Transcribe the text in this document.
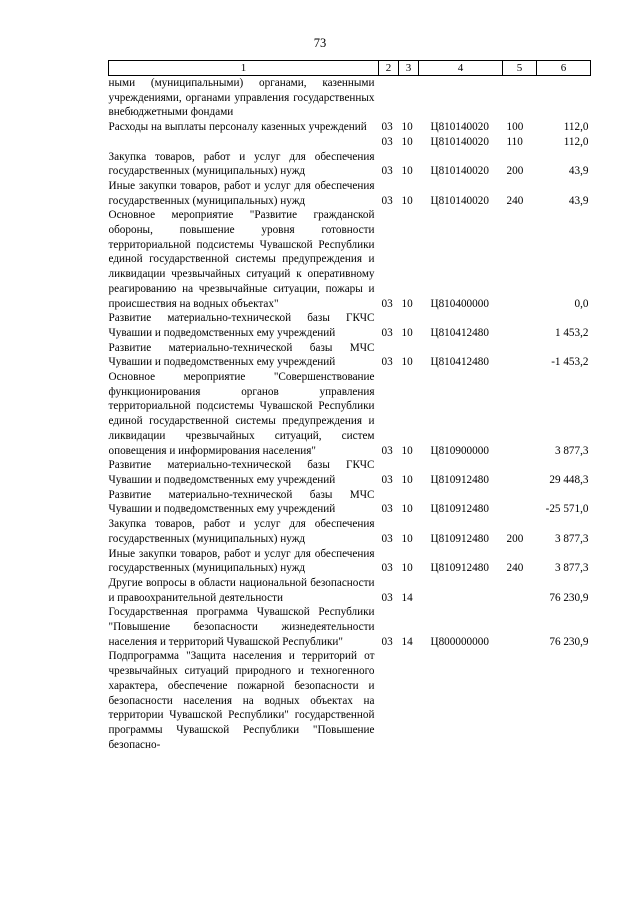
73
1	2	3	4	5	6
ными (муниципальными) органами, казенными учреждениями, органами управления государственных внебюджетными фондами					
Расходы на выплаты персоналу казенных учреждений	03	10	Ц810140020	100	112,0
	03	10	Ц810140020	110	112,0
Закупка товаров, работ и услуг для обеспечения государственных (муниципальных) нужд	03	10	Ц810140020	200	43,9
Иные закупки товаров, работ и услуг для обеспечения государственных (муниципальных) нужд	03	10	Ц810140020	240	43,9
Основное мероприятие "Развитие гражданской обороны, повышение уровня готовности территориальной подсистемы Чувашской Республики единой государственной системы предупреждения и ликвидации чрезвычайных ситуаций к оперативному реагированию на чрезвычайные ситуации, пожары и происшествия на водных объектах"	03	10	Ц810400000		0,0
Развитие материально-технической базы ГКЧС Чувашии и подведомственных ему учреждений	03	10	Ц810412480		1 453,2
Развитие материально-технической базы МЧС Чувашии и подведомственных ему учреждений	03	10	Ц810412480		-1 453,2
Основное мероприятие "Совершенствование функционирования органов управления территориальной подсистемы Чувашской Республики единой государственной системы предупреждения и ликвидации чрезвычайных ситуаций, систем оповещения и информирования населения"	03	10	Ц810900000		3 877,3
Развитие материально-технической базы ГКЧС Чувашии и подведомственных ему учреждений	03	10	Ц810912480		29 448,3
Развитие материально-технической базы МЧС Чувашии и подведомственных ему учреждений	03	10	Ц810912480		-25 571,0
Закупка товаров, работ и услуг для обеспечения государственных (муниципальных) нужд	03	10	Ц810912480	200	3 877,3
Иные закупки товаров, работ и услуг для обеспечения государственных (муниципальных) нужд	03	10	Ц810912480	240	3 877,3
Другие вопросы в области национальной безопасности и правоохранительной деятельности	03	14			76 230,9
Государственная программа Чувашской Республики "Повышение безопасности жизнедеятельности населения и территорий Чувашской Республики"	03	14	Ц800000000		76 230,9
Подпрограмма "Защита населения и территорий от чрезвычайных ситуаций природного и техногенного характера, обеспечение пожарной безопасности и безопасности населения на водных объектах на территории Чувашской Республики" государственной программы Чувашской Республики "Повышение безопасно-					
